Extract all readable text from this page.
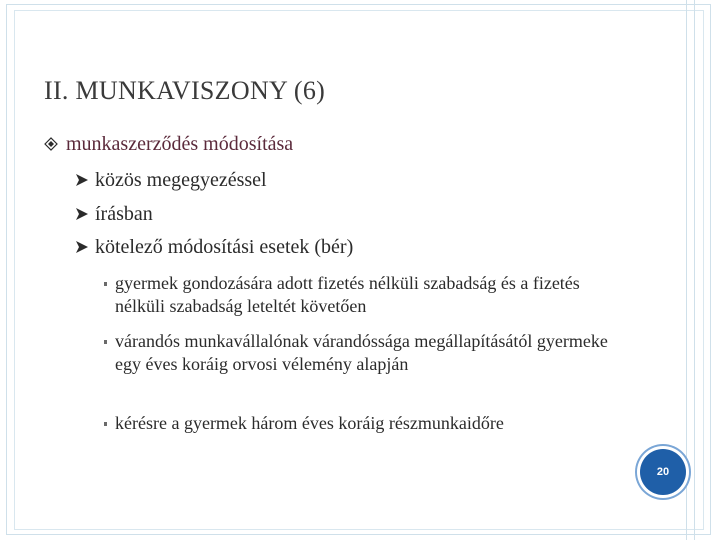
II. MUNKAVISZONY (6)
munkaszerződés módosítása
közös megegyezéssel
írásban
kötelező módosítási esetek (bér)
gyermek gondozására adott fizetés nélküli szabadság és a fizetés nélküli szabadság leteltét követően
várandós munkavállalónak várandóssága megállapításától gyermeke egy éves koráig orvosi vélemény alapján
kérésre a gyermek három éves koráig részmunkaidőre
20
